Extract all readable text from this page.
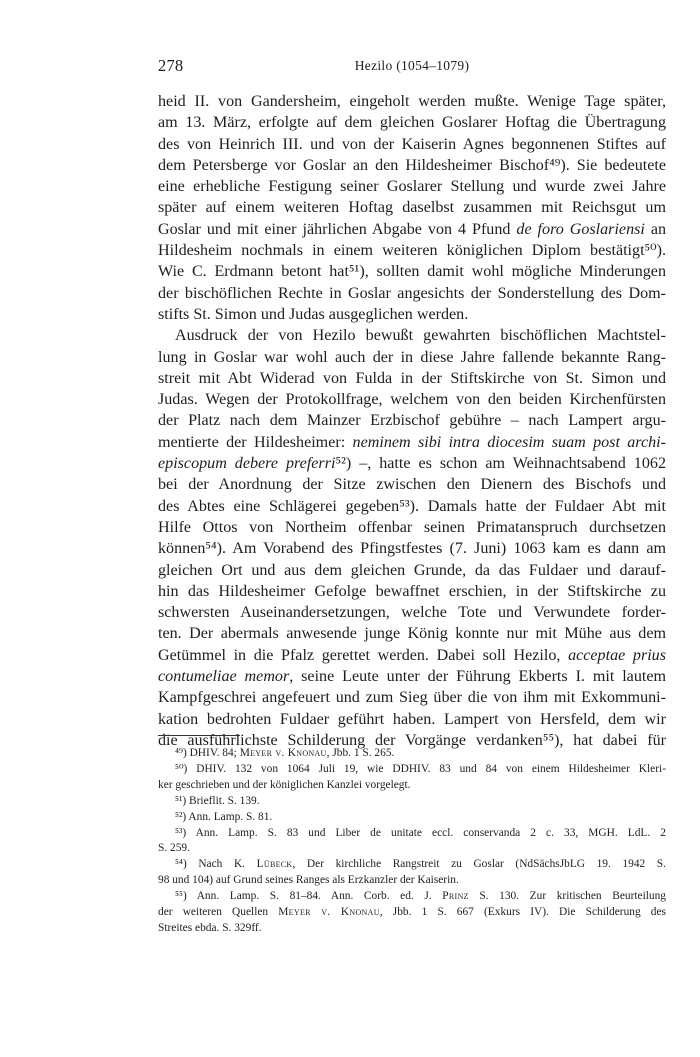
278	Hezilo (1054–1079)
heid II. von Gandersheim, eingeholt werden mußte. Wenige Tage später,
am 13. März, erfolgte auf dem gleichen Goslarer Hoftag die Übertragung
des von Heinrich III. und von der Kaiserin Agnes begonnenen Stiftes auf
dem Petersberge vor Goslar an den Hildesheimer Bischof⁴⁹). Sie bedeutete
eine erhebliche Festigung seiner Goslarer Stellung und wurde zwei Jahre
später auf einem weiteren Hoftag daselbst zusammen mit Reichsgut um
Goslar und mit einer jährlichen Abgabe von 4 Pfund de foro Goslariensi an
Hildesheim nochmals in einem weiteren königlichen Diplom bestätigt⁵⁰).
Wie C. Erdmann betont hat⁵¹), sollten damit wohl mögliche Minderungen
der bischöflichen Rechte in Goslar angesichts der Sonderstellung des Dom-
stifts St. Simon und Judas ausgeglichen werden.
Ausdruck der von Hezilo bewußt gewahrten bischöflichen Machtstel-
lung in Goslar war wohl auch der in diese Jahre fallende bekannte Rang-
streit mit Abt Widerad von Fulda in der Stiftskirche von St. Simon und
Judas. Wegen der Protokollfrage, welchem von den beiden Kirchenfürsten
der Platz nach dem Mainzer Erzbischof gebühre – nach Lampert argu-
mentierte der Hildesheimer: neminem sibi intra diocesim suam post archi-
episcopum debere preferri⁵²) –, hatte es schon am Weihnachtsabend 1062
bei der Anordnung der Sitze zwischen den Dienern des Bischofs und
des Abtes eine Schlägerei gegeben⁵³). Damals hatte der Fuldaer Abt mit
Hilfe Ottos von Northeim offenbar seinen Primatanspruch durchsetzen
können⁵⁴). Am Vorabend des Pfingstfestes (7. Juni) 1063 kam es dann am
gleichen Ort und aus dem gleichen Grunde, da das Fuldaer und darauf-
hin das Hildesheimer Gefolge bewaffnet erschien, in der Stiftskirche zu
schwersten Auseinandersetzungen, welche Tote und Verwundete forder-
ten. Der abermals anwesende junge König konnte nur mit Mühe aus dem
Getümmel in die Pfalz gerettet werden. Dabei soll Hezilo, acceptae prius
contumeliae memor, seine Leute unter der Führung Ekberts I. mit lautem
Kampfgeschrei angefeuert und zum Sieg über die von ihm mit Exkommuni-
kation bedrohten Fuldaer geführt haben. Lampert von Hersfeld, dem wir
die ausführlichste Schilderung der Vorgänge verdanken⁵⁵), hat dabei für
⁴⁹) DHIV. 84; Meyer v. Knonau, Jbb. 1 S. 265.
⁵⁰) DHIV. 132 von 1064 Juli 19, wie DDHIV. 83 und 84 von einem Hildesheimer Kleri-
ker geschrieben und der königlichen Kanzlei vorgelegt.
⁵¹) Brieflit. S. 139.
⁵²) Ann. Lamp. S. 81.
⁵³) Ann. Lamp. S. 83 und Liber de unitate eccl. conservanda 2 c. 33, MGH. LdL. 2
S. 259.
⁵⁴) Nach K. Lübeck, Der kirchliche Rangstreit zu Goslar (NdSächsJbLG 19. 1942 S.
98 und 104) auf Grund seines Ranges als Erzkanzler der Kaiserin.
⁵⁵) Ann. Lamp. S. 81–84. Ann. Corb. ed. J. Prinz S. 130. Zur kritischen Beurteilung
der weiteren Quellen Meyer v. Knonau, Jbb. 1 S. 667 (Exkurs IV). Die Schilderung des
Streites ebda. S. 329ff.
